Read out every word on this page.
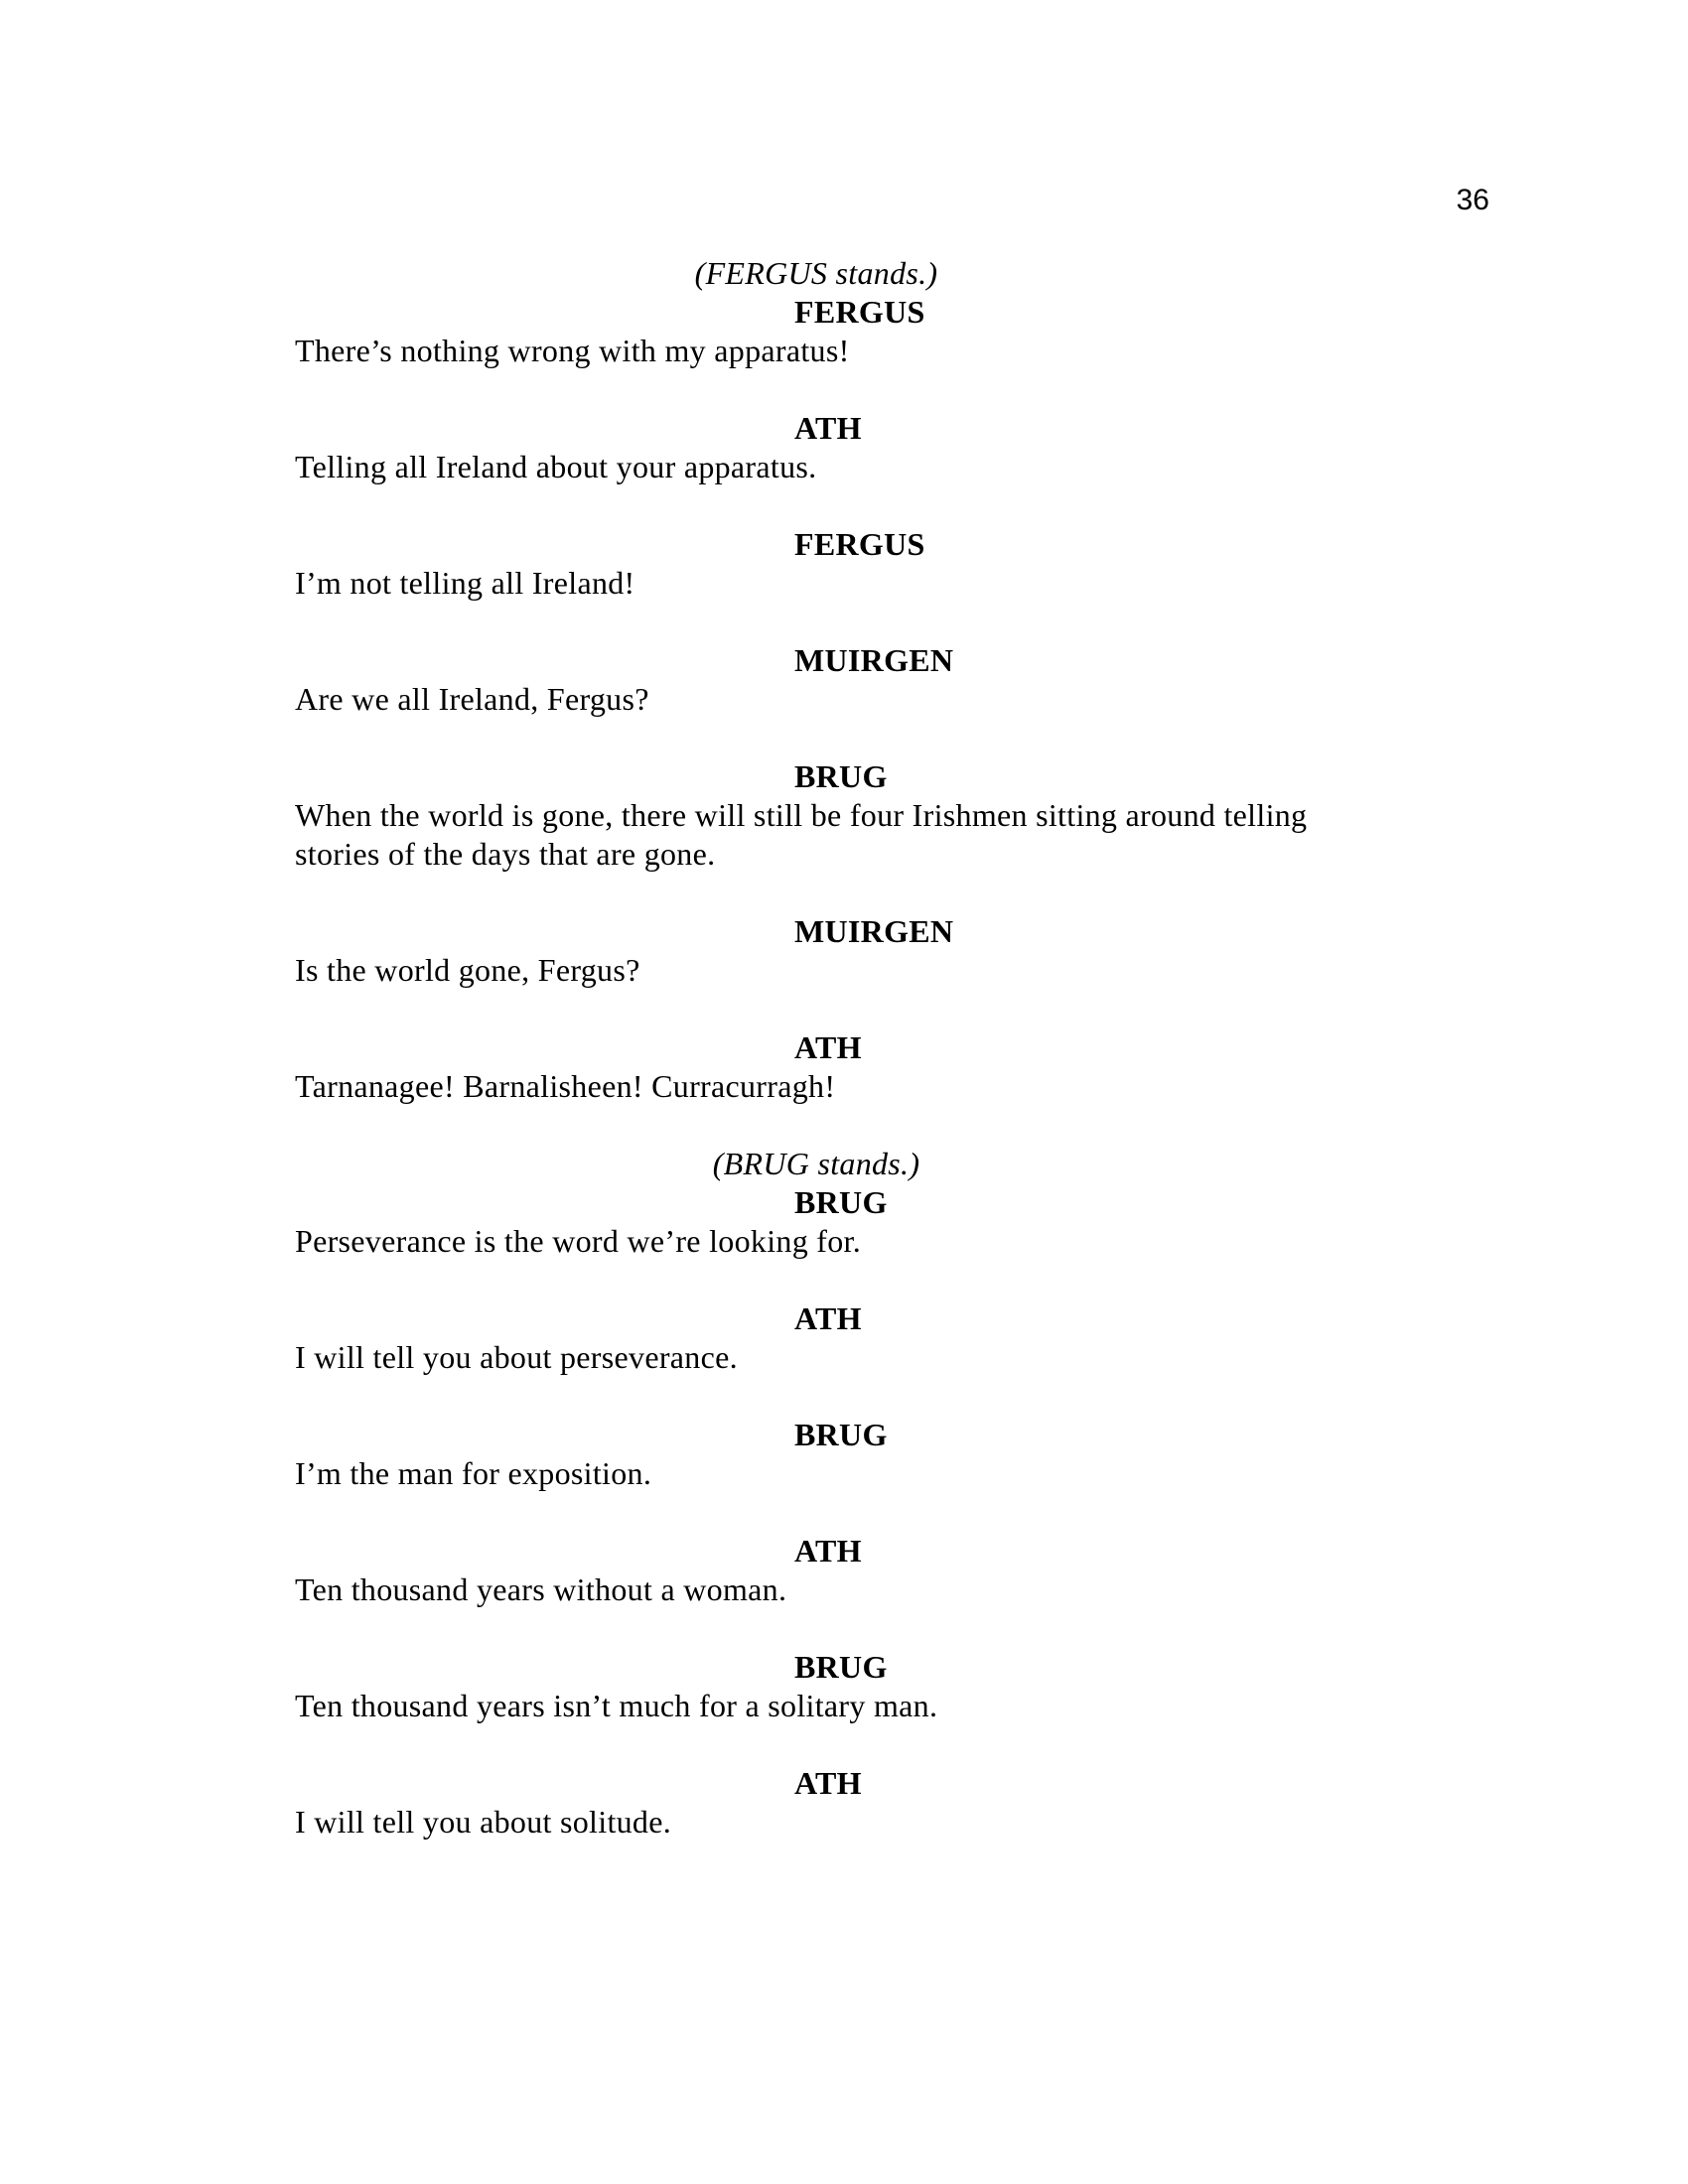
36
(FERGUS stands.)
FERGUS
There’s nothing wrong with my apparatus!
ATH
Telling all Ireland about your apparatus.
FERGUS
I’m not telling all Ireland!
MUIRGEN
Are we all Ireland, Fergus?
BRUG
When the world is gone, there will still be four Irishmen sitting around telling
stories of the days that are gone.
MUIRGEN
Is the world gone, Fergus?
ATH
Tarnanagee! Barnalisheen! Curracurragh!
(BRUG stands.)
BRUG
Perseverance is the word we’re looking for.
ATH
I will tell you about perseverance.
BRUG
I’m the man for exposition.
ATH
Ten thousand years without a woman.
BRUG
Ten thousand years isn’t much for a solitary man.
ATH
I will tell you about solitude.
